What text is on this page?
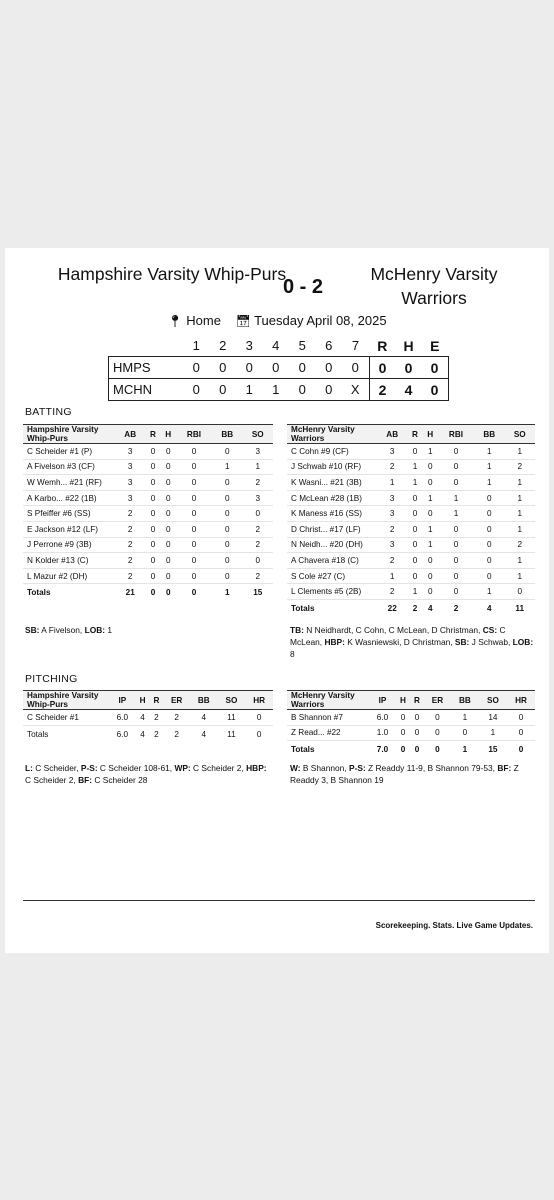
Hampshire Varsity Whip-Purs
0 - 2
McHenry Varsity Warriors
📍︎ Home 📅︎ Tuesday April 08, 2025
	1	2	3	4	5	6	7	R	H	E
HMPS	0	0	0	0	0	0	0	0	0	0
MCHN	0	0	1	1	0	0	X	2	4	0
BATTING
Hampshire Varsity Whip-Purs	AB	R	H	RBI	BB	SO
C Scheider #1 (P)	3	0	0	0	0	3
A Fivelson #3 (CF)	3	0	0	0	1	1
W Wemh... #21 (RF)	3	0	0	0	0	2
A Karbo... #22 (1B)	3	0	0	0	0	3
S Pfeiffer #6 (SS)	2	0	0	0	0	0
E Jackson #12 (LF)	2	0	0	0	0	2
J Perrone #9 (3B)	2	0	0	0	0	2
N Kolder #13 (C)	2	0	0	0	0	0
L Mazur #2 (DH)	2	0	0	0	0	2
Totals	21	0	0	0	1	15
McHenry Varsity Warriors	AB	R	H	RBI	BB	SO
C Cohn #9 (CF)	3	0	1	0	1	1
J Schwab #10 (RF)	2	1	0	0	1	2
K Wasni... #21 (3B)	1	1	0	0	1	1
C McLean #28 (1B)	3	0	1	1	0	1
K Maness #16 (SS)	3	0	0	1	0	1
D Christ... #17 (LF)	2	0	1	0	0	1
N Neidh... #20 (DH)	3	0	1	0	0	2
A Chavera #18 (C)	2	0	0	0	0	1
S Cole #27 (C)	1	0	0	0	0	1
L Clements #5 (2B)	2	1	0	0	1	0
Totals	22	2	4	2	4	11
SB: A Fivelson, LOB: 1	TB: N Neidhardt, C Cohn, C McLean, D Christman, CS: C McLean, HBP: K Wasniewski, D Christman, SB: J Schwab, LOB: 8
PITCHING
Hampshire Varsity Whip-Purs	IP	H	R	ER	BB	SO	HR
C Scheider #1	6.0	4	2	2	4	11	0
Totals	6.0	4	2	2	4	11	0
McHenry Varsity Warriors	IP	H	R	ER	BB	SO	HR
B Shannon #7	6.0	0	0	0	1	14	0
Z Read... #22	1.0	0	0	0	0	1	0
Totals	7.0	0	0	0	1	15	0
L: C Scheider, P-S: C Scheider 108-61, WP: C Scheider 2, HBP: C Scheider 2, BF: C Scheider 28
W: B Shannon, P-S: Z Readdy 11-9, B Shannon 79-53, BF: Z Readdy 3, B Shannon 19
Scorekeeping. Stats. Live Game Updates.
